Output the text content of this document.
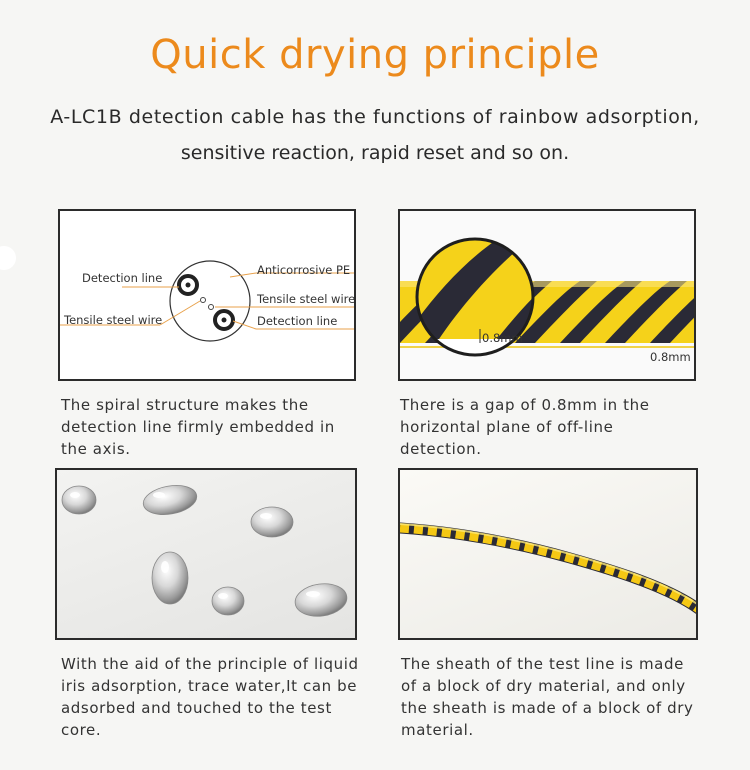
Quick drying principle
A-LC1B detection cable has the functions of rainbow adsorption,
sensitive reaction, rapid reset and so on.
Detection line
Anticorrosive PE
Tensile steel wire
Tensile steel wire	Detection line
0.8mm
0.8mm
The spiral structure makes the detection line firmly embedded in the axis.
There is a gap of 0.8mm in the horizontal plane of off-line detection.
With the aid of the principle of liquid iris adsorption, trace water,It can be adsorbed and touched to the test core.
The sheath of the test line is made of a block of dry material, and only the sheath is made of a block of dry material.
